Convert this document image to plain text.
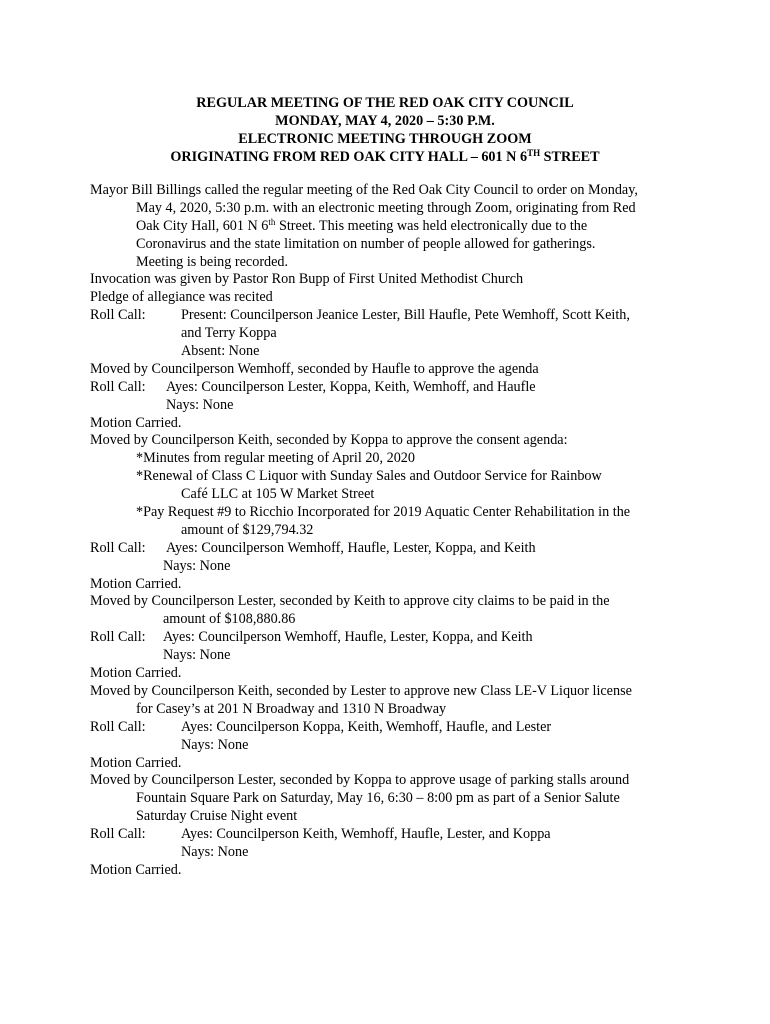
REGULAR MEETING OF THE RED OAK CITY COUNCIL
MONDAY, MAY 4, 2020 – 5:30 P.M.
ELECTRONIC MEETING THROUGH ZOOM
ORIGINATING FROM RED OAK CITY HALL – 601 N 6TH STREET
Mayor Bill Billings called the regular meeting of the Red Oak City Council to order on Monday,
May 4, 2020, 5:30 p.m. with an electronic meeting through Zoom, originating from Red
Oak City Hall, 601 N 6th Street. This meeting was held electronically due to the
Coronavirus and the state limitation on number of people allowed for gatherings.
Meeting is being recorded.
Invocation was given by Pastor Ron Bupp of First United Methodist Church
Pledge of allegiance was recited
Roll Call:	Present: Councilperson Jeanice Lester, Bill Haufle, Pete Wemhoff, Scott Keith,
and Terry Koppa
Absent: None
Moved by Councilperson Wemhoff, seconded by Haufle to approve the agenda
Roll Call:	Ayes: Councilperson Lester, Koppa, Keith, Wemhoff, and Haufle
Nays: None
Motion Carried.
Moved by Councilperson Keith, seconded by Koppa to approve the consent agenda:
*Minutes from regular meeting of April 20, 2020
*Renewal of Class C Liquor with Sunday Sales and Outdoor Service for Rainbow
Café LLC at 105 W Market Street
*Pay Request #9 to Ricchio Incorporated for 2019 Aquatic Center Rehabilitation in the
amount of $129,794.32
Roll Call:	Ayes: Councilperson Wemhoff, Haufle, Lester, Koppa, and Keith
Nays: None
Motion Carried.
Moved by Councilperson Lester, seconded by Keith to approve city claims to be paid in the
amount of $108,880.86
Roll Call:	Ayes: Councilperson Wemhoff, Haufle, Lester, Koppa, and Keith
Nays: None
Motion Carried.
Moved by Councilperson Keith, seconded by Lester to approve new Class LE-V Liquor license
for Casey’s at 201 N Broadway and 1310 N Broadway
Roll Call:	Ayes: Councilperson Koppa, Keith, Wemhoff, Haufle, and Lester
Nays: None
Motion Carried.
Moved by Councilperson Lester, seconded by Koppa to approve usage of parking stalls around
Fountain Square Park on Saturday, May 16, 6:30 – 8:00 pm as part of a Senior Salute
Saturday Cruise Night event
Roll Call:	Ayes: Councilperson Keith, Wemhoff, Haufle, Lester, and Koppa
Nays: None
Motion Carried.
